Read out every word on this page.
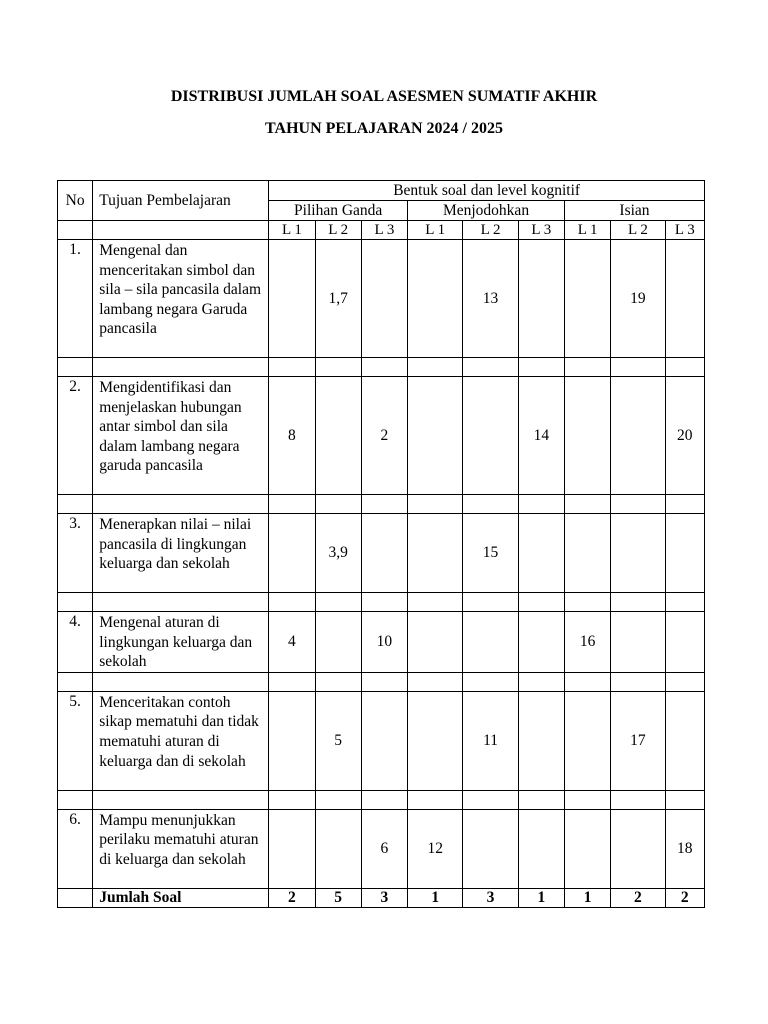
DISTRIBUSI JUMLAH SOAL ASESMEN SUMATIF AKHIR
TAHUN PELAJARAN 2024 / 2025
No	Tujuan Pembelajaran	Bentuk soal dan level kognitif								
		Pilihan Ganda			Menjodohkan			Isian		
		L 1	L 2	L 3	L 1	L 2	L 3	L 1	L 2	L 3
1.	Mengenal dan menceritakan simbol dan sila – sila pancasila dalam lambang negara Garuda pancasila		1,7			13			19	

2.	Mengidentifikasi dan menjelaskan hubungan antar simbol dan sila dalam lambang negara garuda pancasila	8		2			14			20

3.	Menerapkan nilai – nilai pancasila di lingkungan keluarga dan sekolah		3,9			15				

4.	Mengenal aturan di lingkungan keluarga dan sekolah	4		10				16		

5.	Menceritakan contoh sikap mematuhi dan tidak mematuhi aturan di keluarga dan di sekolah		5			11			17	

6.	Mampu menunjukkan perilaku mematuhi aturan di keluarga dan sekolah			6	12					18
	Jumlah Soal	2	5	3	1	3	1	1	2	2
